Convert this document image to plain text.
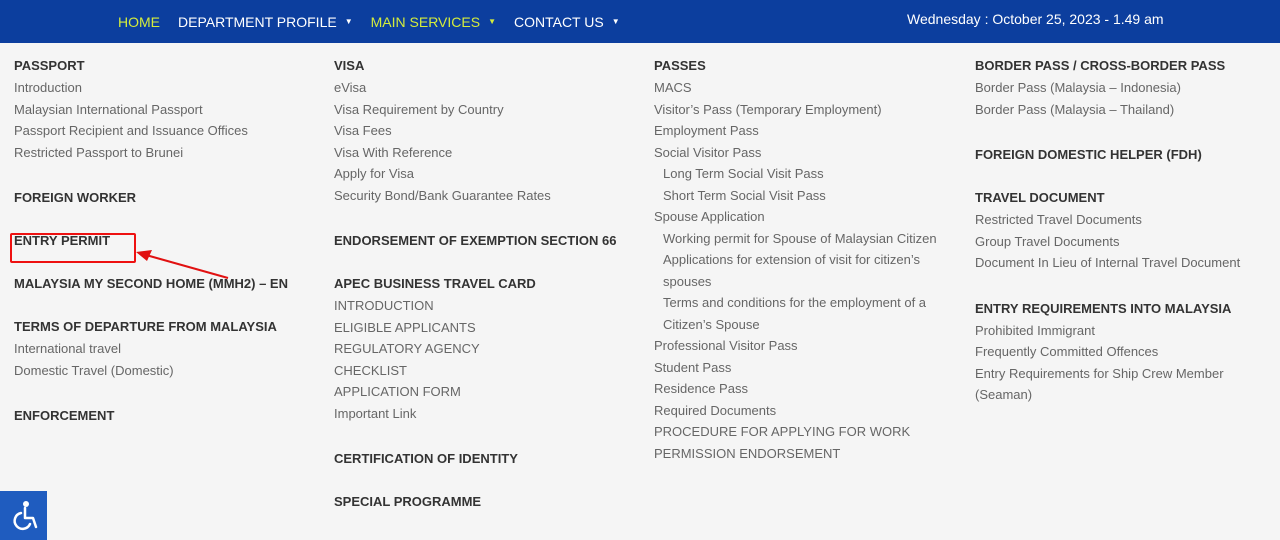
HOME DEPARTMENT PROFILE ▼ MAIN SERVICES ▼ CONTACT US ▼	Wednesday : October 25, 2023 - 1.49 am
PASSPORT
Introduction
Malaysian International Passport
Passport Recipient and Issuance Offices
Restricted Passport to Brunei
FOREIGN WORKER
ENTRY PERMIT
MALAYSIA MY SECOND HOME (MMH2) – EN
TERMS OF DEPARTURE FROM MALAYSIA
International travel
Domestic Travel (Domestic)
ENFORCEMENT
VISA
eVisa
Visa Requirement by Country
Visa Fees
Visa With Reference
Apply for Visa
Security Bond/Bank Guarantee Rates
ENDORSEMENT OF EXEMPTION SECTION 66
APEC BUSINESS TRAVEL CARD
INTRODUCTION
ELIGIBLE APPLICANTS
REGULATORY AGENCY
CHECKLIST
APPLICATION FORM
Important Link
CERTIFICATION OF IDENTITY
SPECIAL PROGRAMME
PASSES
MACS
Visitor’s Pass (Temporary Employment)
Employment Pass
Social Visitor Pass
Long Term Social Visit Pass
Short Term Social Visit Pass
Spouse Application
Working permit for Spouse of Malaysian Citizen
Applications for extension of visit for citizen’s spouses
Terms and conditions for the employment of a Citizen’s Spouse
Professional Visitor Pass
Student Pass
Residence Pass
Required Documents
PROCEDURE FOR APPLYING FOR WORK PERMISSION ENDORSEMENT
BORDER PASS / CROSS-BORDER PASS
Border Pass (Malaysia – Indonesia)
Border Pass (Malaysia – Thailand)
FOREIGN DOMESTIC HELPER (FDH)
TRAVEL DOCUMENT
Restricted Travel Documents
Group Travel Documents
Document In Lieu of Internal Travel Document
ENTRY REQUIREMENTS INTO MALAYSIA
Prohibited Immigrant
Frequently Committed Offences
Entry Requirements for Ship Crew Member (Seaman)
